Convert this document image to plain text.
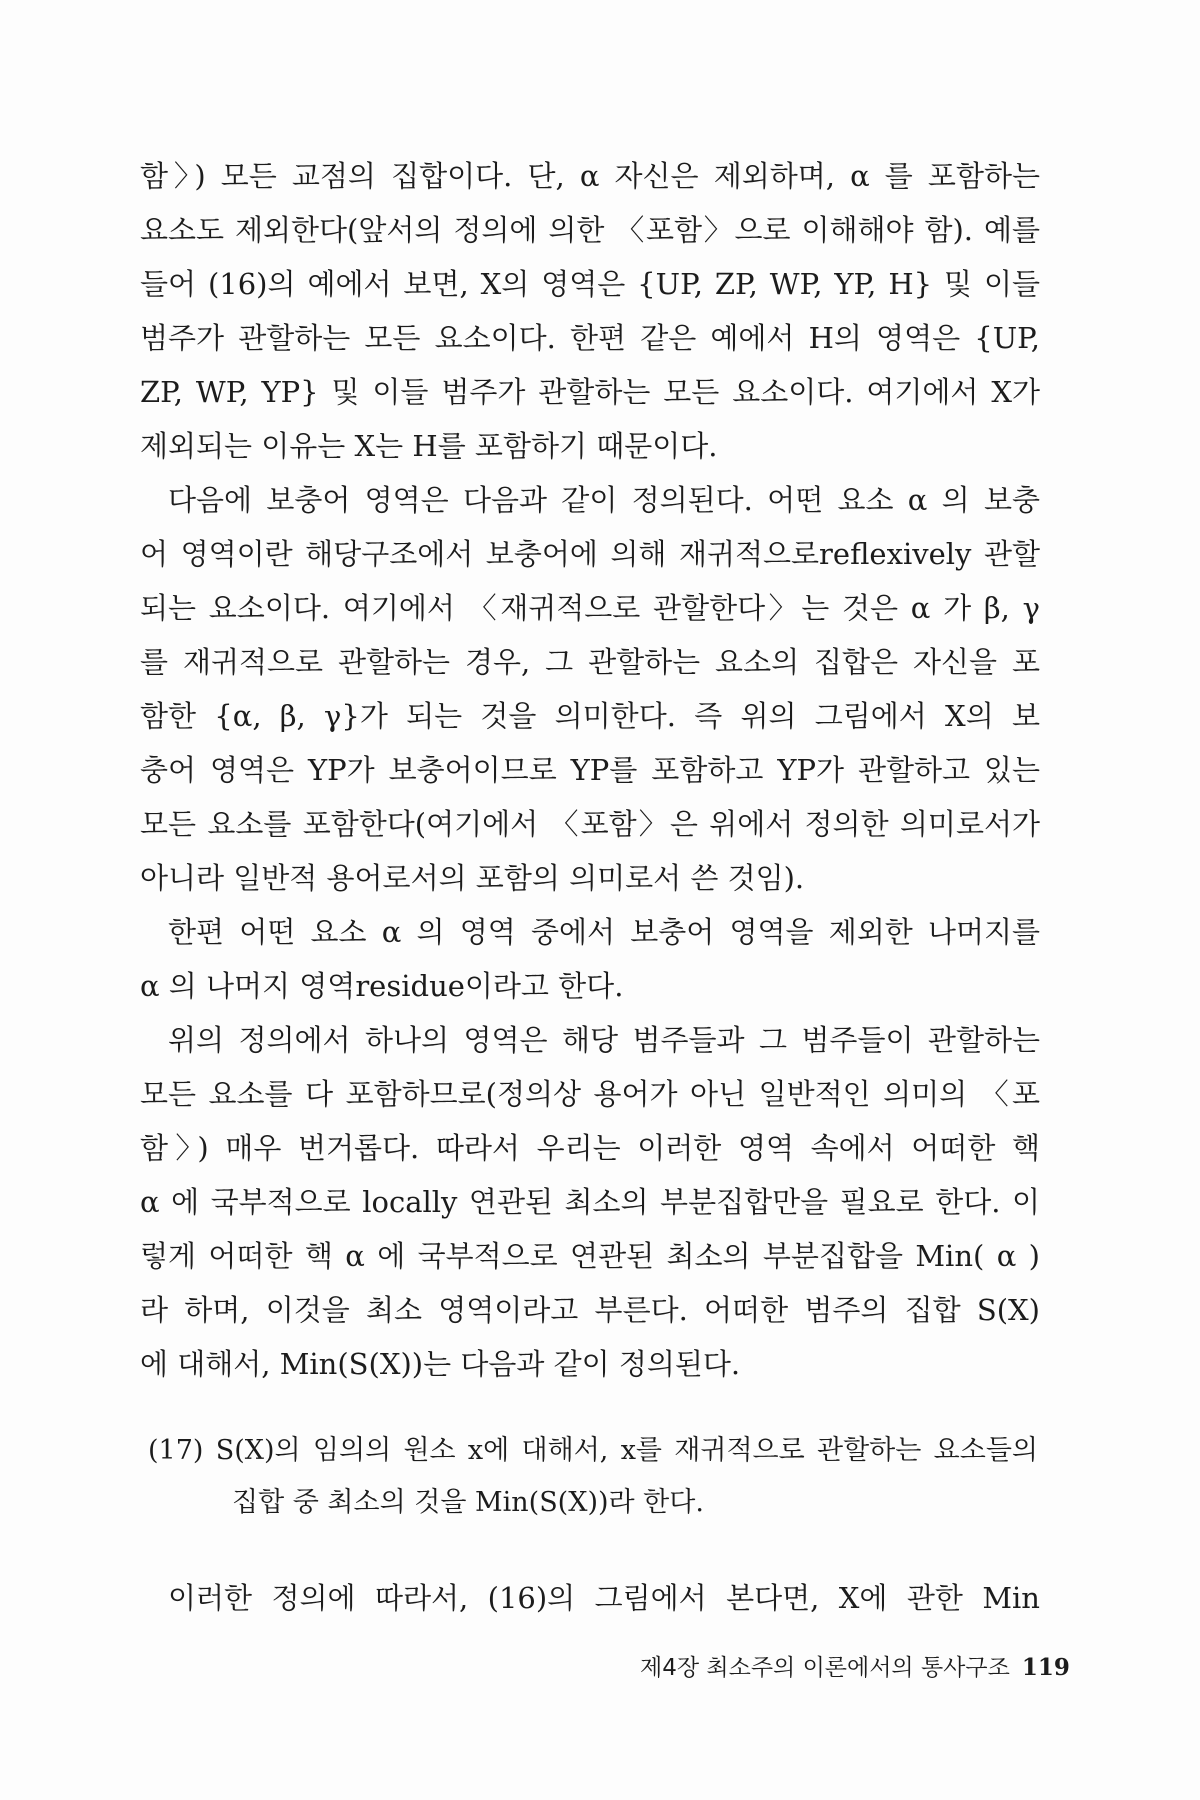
함〉) 모든 교점의 집합이다. 단, α 자신은 제외하며, α 를 포함하는
요소도 제외한다(앞서의 정의에 의한 〈포함〉으로 이해해야 함). 예를
들어 (16)의 예에서 보면, X의 영역은 {UP, ZP, WP, YP, H} 및 이들
범주가 관할하는 모든 요소이다. 한편 같은 예에서 H의 영역은 {UP,
ZP, WP, YP} 및 이들 범주가 관할하는 모든 요소이다. 여기에서 X가
제외되는 이유는 X는 H를 포함하기 때문이다.
다음에 보충어 영역은 다음과 같이 정의된다. 어떤 요소 α 의 보충
어 영역이란 해당구조에서 보충어에 의해 재귀적으로reflexively 관할
되는 요소이다. 여기에서 〈재귀적으로 관할한다〉는 것은 α 가 β, γ
를 재귀적으로 관할하는 경우, 그 관할하는 요소의 집합은 자신을 포
함한 {α, β, γ}가 되는 것을 의미한다. 즉 위의 그림에서 X의 보
충어 영역은 YP가 보충어이므로 YP를 포함하고 YP가 관할하고 있는
모든 요소를 포함한다(여기에서 〈포함〉은 위에서 정의한 의미로서가
아니라 일반적 용어로서의 포함의 의미로서 쓴 것임).
한편 어떤 요소 α 의 영역 중에서 보충어 영역을 제외한 나머지를
α 의 나머지 영역residue이라고 한다.
위의 정의에서 하나의 영역은 해당 범주들과 그 범주들이 관할하는
모든 요소를 다 포함하므로(정의상 용어가 아닌 일반적인 의미의 〈포
함〉) 매우 번거롭다. 따라서 우리는 이러한 영역 속에서 어떠한 핵
α 에 국부적으로 locally 연관된 최소의 부분집합만을 필요로 한다. 이
렇게 어떠한 핵 α 에 국부적으로 연관된 최소의 부분집합을 Min( α )
라 하며, 이것을 최소 영역이라고 부른다. 어떠한 범주의 집합 S(X)
에 대해서, Min(S(X))는 다음과 같이 정의된다.
(17) S(X)의 임의의 원소 x에 대해서, x를 재귀적으로 관할하는 요소들의
집합 중 최소의 것을 Min(S(X))라 한다.
이러한 정의에 따라서, (16)의 그림에서 본다면, X에 관한 Min
제4장 최소주의 이론에서의 통사구조 119
